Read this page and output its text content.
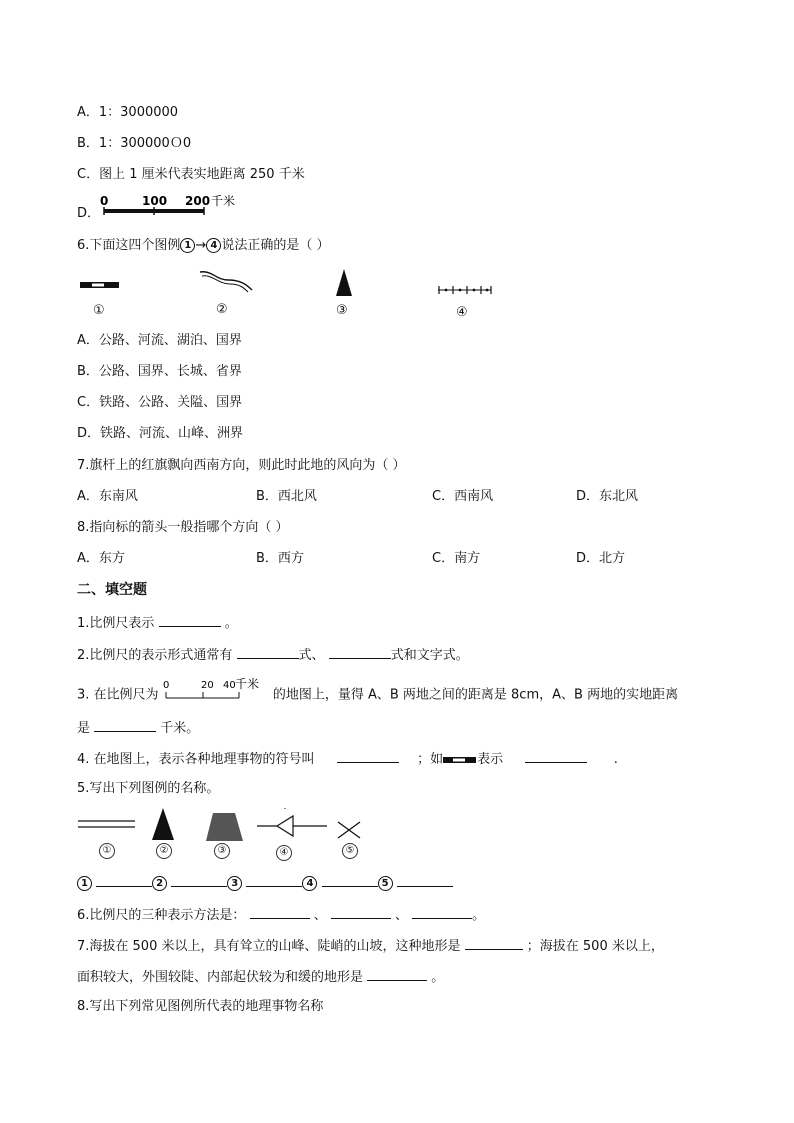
A．1：3000000
B．1：300000Ｏ0
C．图上 1 厘米代表实地距离 250 千米
D．
0	100 200 千米
6.下面这四个图例 1 → 4 说法正确的是（ ）
①	②	③	④
A．公路、河流、湖泊、国界
B．公路、国界、长城、省界
C．铁路、公路、关隘、国界
D．铁路、河流、山峰、洲界
7.旗杆上的红旗飘向西南方向，则此时此地的风向为（ ）
A．东南风	B．西北风	C．西南风	D．东北风
8.指向标的箭头一般指哪个方向（ ）
A．东方	B．西方	C．南方	D．北方
二、填空题
1.比例尺表示	。
2.比例尺的表示形式通常有	式、	式和文字式。
3. 在比例尺为
0	20 40 千米
的地图上，量得 A、B 两地之间的距离是 8cm，A、B 两地的实地距离
是	千米。
4. 在地图上，表示各种地理事物的符号叫	；如	表示	.
5.写出下列图例的名称。
①	②	③	④	⑤
1	2	3	4	5
6.比例尺的三种表示方法是：	、	、	。
7.海拔在 500 米以上，具有耸立的山峰、陡峭的山坡，这种地形是	；海拔在 500 米以上，
面积较大，外围较陡、内部起伏较为和缓的地形是	。
8.写出下列常见图例所代表的地理事物名称
